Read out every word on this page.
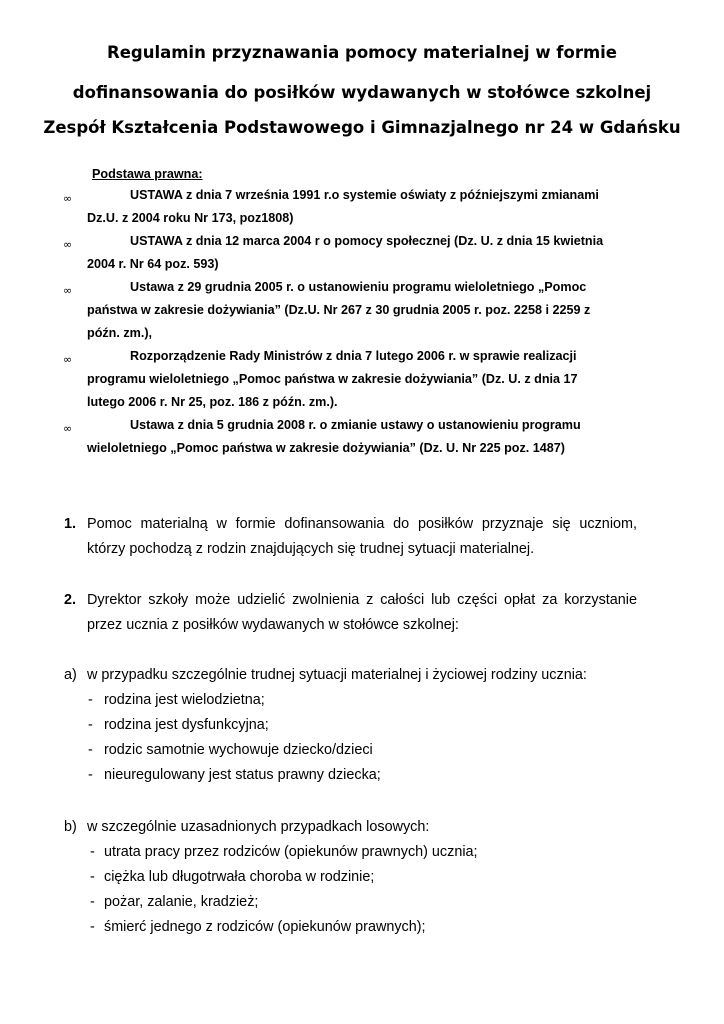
Regulamin przyznawania pomocy materialnej w formie
dofinansowania do posiłków wydawanych w stołówce szkolnej
Zespół Kształcenia Podstawowego i Gimnazjalnego nr 24 w Gdańsku
Podstawa prawna:
∞	USTAWA z dnia 7 września 1991 r.o systemie oświaty z późniejszymi zmianami
Dz.U. z 2004 roku Nr 173, poz1808)
∞	USTAWA z dnia 12 marca 2004 r o pomocy społecznej (Dz. U. z dnia 15 kwietnia
2004 r. Nr 64 poz. 593)
∞	Ustawa z 29 grudnia 2005 r. o ustanowieniu programu wieloletniego „Pomoc
państwa w zakresie dożywiania” (Dz.U. Nr 267 z 30 grudnia 2005 r. poz. 2258 i 2259 z
późn. zm.),
∞	Rozporządzenie Rady Ministrów z dnia 7 lutego 2006 r. w sprawie realizacji
programu wieloletniego „Pomoc państwa w zakresie dożywiania” (Dz. U. z dnia 17
lutego 2006 r. Nr 25, poz. 186 z późn. zm.).
∞	Ustawa z dnia 5 grudnia 2008 r. o zmianie ustawy o ustanowieniu programu
wieloletniego „Pomoc państwa w zakresie dożywiania” (Dz. U. Nr 225 poz. 1487)
1. Pomoc materialną w formie dofinansowania do posiłków przyznaje się uczniom,
którzy pochodzą z rodzin znajdujących się trudnej sytuacji materialnej.
2. Dyrektor szkoły może udzielić zwolnienia z całości lub części opłat za korzystanie
przez ucznia z posiłków wydawanych w stołówce szkolnej:
a) w przypadku szczególnie trudnej sytuacji materialnej i życiowej rodziny ucznia:
- rodzina jest wielodzietna;
- rodzina jest dysfunkcyjna;
- rodzic samotnie wychowuje dziecko/dzieci
- nieuregulowany jest status prawny dziecka;
b) w szczególnie uzasadnionych przypadkach losowych:
- utrata pracy przez rodziców (opiekunów prawnych) ucznia;
- ciężka lub długotrwała choroba w rodzinie;
- pożar, zalanie, kradzież;
- śmierć jednego z rodziców (opiekunów prawnych);
